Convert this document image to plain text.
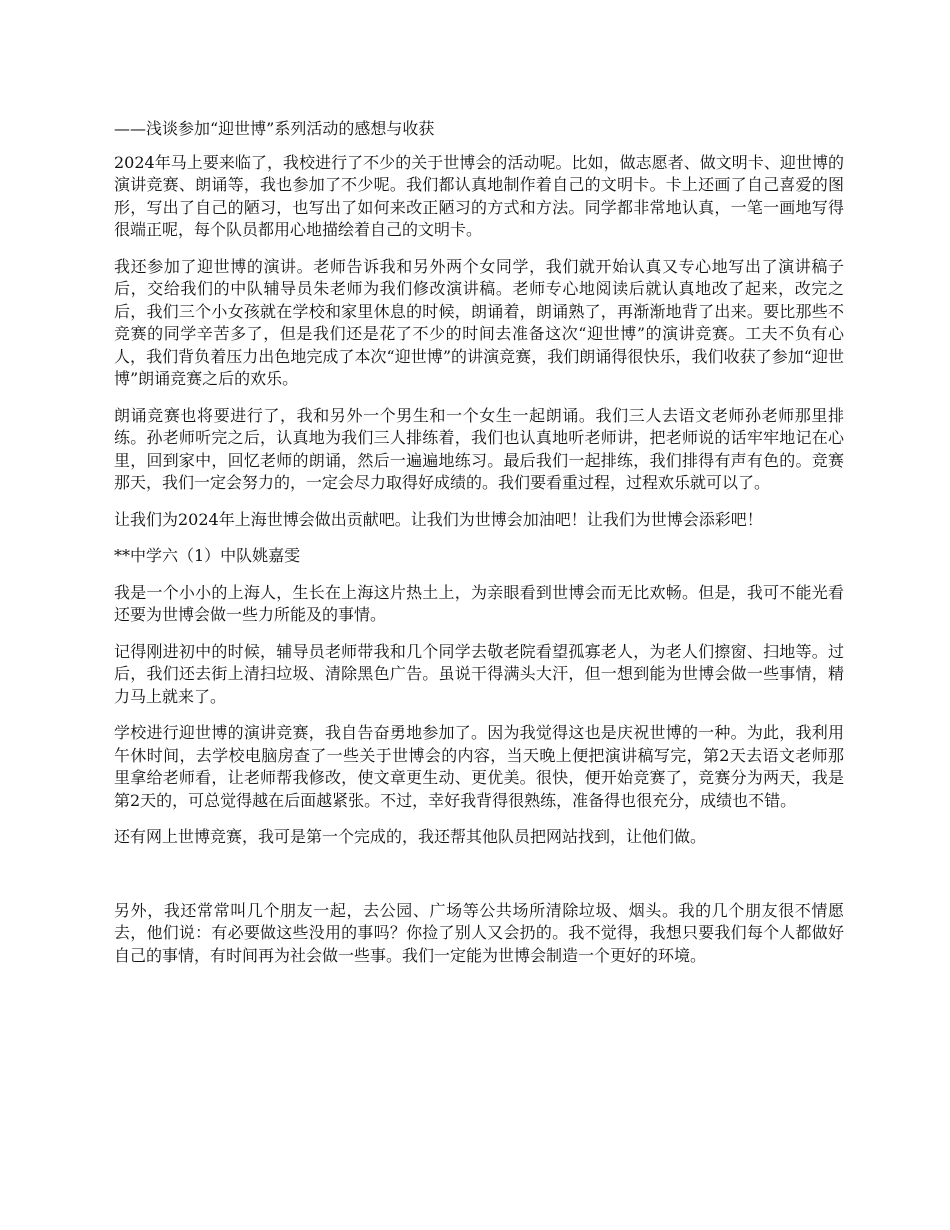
——浅谈参加“迎世博”系列活动的感想与收获

2024年马上要来临了，我校进行了不少的关于世博会的活动呢。比如，做志愿者、做文明卡、迎世博的演讲竞赛、朗诵等，我也参加了不少呢。我们都认真地制作着自己的文明卡。卡上还画了自己喜爱的图形，写出了自己的陋习，也写出了如何来改正陋习的方式和方法。同学都非常地认真，一笔一画地写得很端正呢，每个队员都用心地描绘着自己的文明卡。

我还参加了迎世博的演讲。老师告诉我和另外两个女同学，我们就开始认真又专心地写出了演讲稿子后，交给我们的中队辅导员朱老师为我们修改演讲稿。老师专心地阅读后就认真地改了起来，改完之后，我们三个小女孩就在学校和家里休息的时候，朗诵着，朗诵熟了，再渐渐地背了出来。要比那些不竞赛的同学辛苦多了，但是我们还是花了不少的时间去准备这次“迎世博”的演讲竞赛。工夫不负有心人，我们背负着压力出色地完成了本次“迎世博”的讲演竞赛，我们朗诵得很快乐，我们收获了参加“迎世博”朗诵竞赛之后的欢乐。

朗诵竞赛也将要进行了，我和另外一个男生和一个女生一起朗诵。我们三人去语文老师孙老师那里排练。孙老师听完之后，认真地为我们三人排练着，我们也认真地听老师讲，把老师说的话牢牢地记在心里，回到家中，回忆老师的朗诵，然后一遍遍地练习。最后我们一起排练，我们排得有声有色的。竞赛那天，我们一定会努力的，一定会尽力取得好成绩的。我们要看重过程，过程欢乐就可以了。

让我们为2024年上海世博会做出贡献吧。让我们为世博会加油吧！让我们为世博会添彩吧！

**中学六（1）中队姚嘉雯

我是一个小小的上海人，生长在上海这片热土上，为亲眼看到世博会而无比欢畅。但是，我可不能光看还要为世博会做一些力所能及的事情。

记得刚进初中的时候，辅导员老师带我和几个同学去敬老院看望孤寡老人，为老人们擦窗、扫地等。过后，我们还去街上清扫垃圾、清除黑色广告。虽说干得满头大汗，但一想到能为世博会做一些事情，精力马上就来了。

学校进行迎世博的演讲竞赛，我自告奋勇地参加了。因为我觉得这也是庆祝世博的一种。为此，我利用午休时间，去学校电脑房查了一些关于世博会的内容，当天晚上便把演讲稿写完，第2天去语文老师那里拿给老师看，让老师帮我修改，使文章更生动、更优美。很快，便开始竞赛了，竞赛分为两天，我是第2天的，可总觉得越在后面越紧张。不过，幸好我背得很熟练，准备得也很充分，成绩也不错。

还有网上世博竞赛，我可是第一个完成的，我还帮其他队员把网站找到，让他们做。

另外，我还常常叫几个朋友一起，去公园、广场等公共场所清除垃圾、烟头。我的几个朋友很不情愿去，他们说：有必要做这些没用的事吗？你捡了别人又会扔的。我不觉得，我想只要我们每个人都做好自己的事情，有时间再为社会做一些事。我们一定能为世博会制造一个更好的环境。
